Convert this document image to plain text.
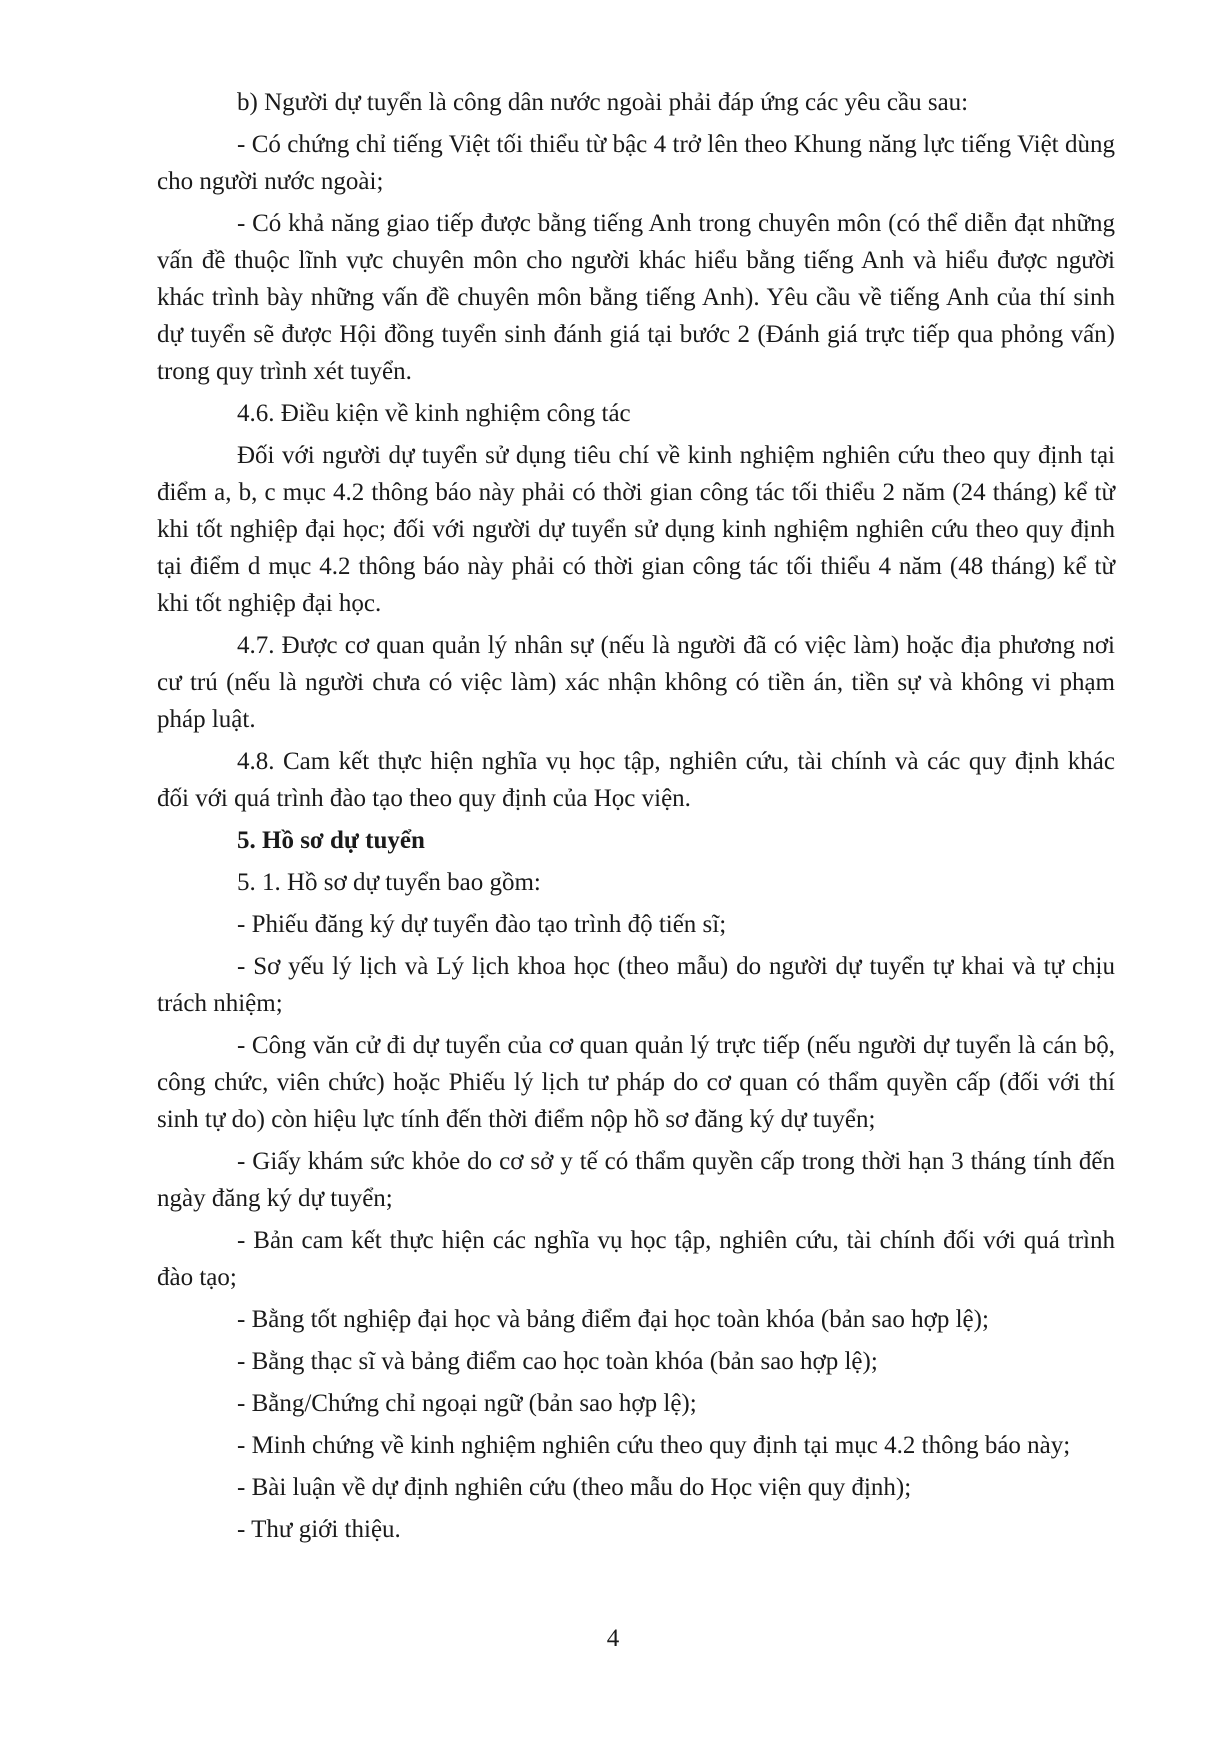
b) Người dự tuyển là công dân nước ngoài phải đáp ứng các yêu cầu sau:

- Có chứng chỉ tiếng Việt tối thiểu từ bậc 4 trở lên theo Khung năng lực tiếng Việt dùng cho người nước ngoài;

- Có khả năng giao tiếp được bằng tiếng Anh trong chuyên môn (có thể diễn đạt những vấn đề thuộc lĩnh vực chuyên môn cho người khác hiểu bằng tiếng Anh và hiểu được người khác trình bày những vấn đề chuyên môn bằng tiếng Anh). Yêu cầu về tiếng Anh của thí sinh dự tuyển sẽ được Hội đồng tuyển sinh đánh giá tại bước 2 (Đánh giá trực tiếp qua phỏng vấn) trong quy trình xét tuyển.

4.6. Điều kiện về kinh nghiệm công tác

Đối với người dự tuyển sử dụng tiêu chí về kinh nghiệm nghiên cứu theo quy định tại điểm a, b, c mục 4.2 thông báo này phải có thời gian công tác tối thiểu 2 năm (24 tháng) kể từ khi tốt nghiệp đại học; đối với người dự tuyển sử dụng kinh nghiệm nghiên cứu theo quy định tại điểm d mục 4.2 thông báo này phải có thời gian công tác tối thiểu 4 năm (48 tháng) kể từ khi tốt nghiệp đại học.

4.7. Được cơ quan quản lý nhân sự (nếu là người đã có việc làm) hoặc địa phương nơi cư trú (nếu là người chưa có việc làm) xác nhận không có tiền án, tiền sự và không vi phạm pháp luật.

4.8. Cam kết thực hiện nghĩa vụ học tập, nghiên cứu, tài chính và các quy định khác đối với quá trình đào tạo theo quy định của Học viện.

5. Hồ sơ dự tuyển

5. 1. Hồ sơ dự tuyển bao gồm:

- Phiếu đăng ký dự tuyển đào tạo trình độ tiến sĩ;

- Sơ yếu lý lịch và Lý lịch khoa học (theo mẫu) do người dự tuyển tự khai và tự chịu trách nhiệm;

- Công văn cử đi dự tuyển của cơ quan quản lý trực tiếp (nếu người dự tuyển là cán bộ, công chức, viên chức) hoặc Phiếu lý lịch tư pháp do cơ quan có thẩm quyền cấp (đối với thí sinh tự do) còn hiệu lực tính đến thời điểm nộp hồ sơ đăng ký dự tuyển;

- Giấy khám sức khỏe do cơ sở y tế có thẩm quyền cấp trong thời hạn 3 tháng tính đến ngày đăng ký dự tuyển;

- Bản cam kết thực hiện các nghĩa vụ học tập, nghiên cứu, tài chính đối với quá trình đào tạo;

- Bằng tốt nghiệp đại học và bảng điểm đại học toàn khóa (bản sao hợp lệ);

- Bằng thạc sĩ và bảng điểm cao học toàn khóa (bản sao hợp lệ);

- Bằng/Chứng chỉ ngoại ngữ (bản sao hợp lệ);

- Minh chứng về kinh nghiệm nghiên cứu theo quy định tại mục 4.2 thông báo này;

- Bài luận về dự định nghiên cứu (theo mẫu do Học viện quy định);

- Thư giới thiệu.

4
